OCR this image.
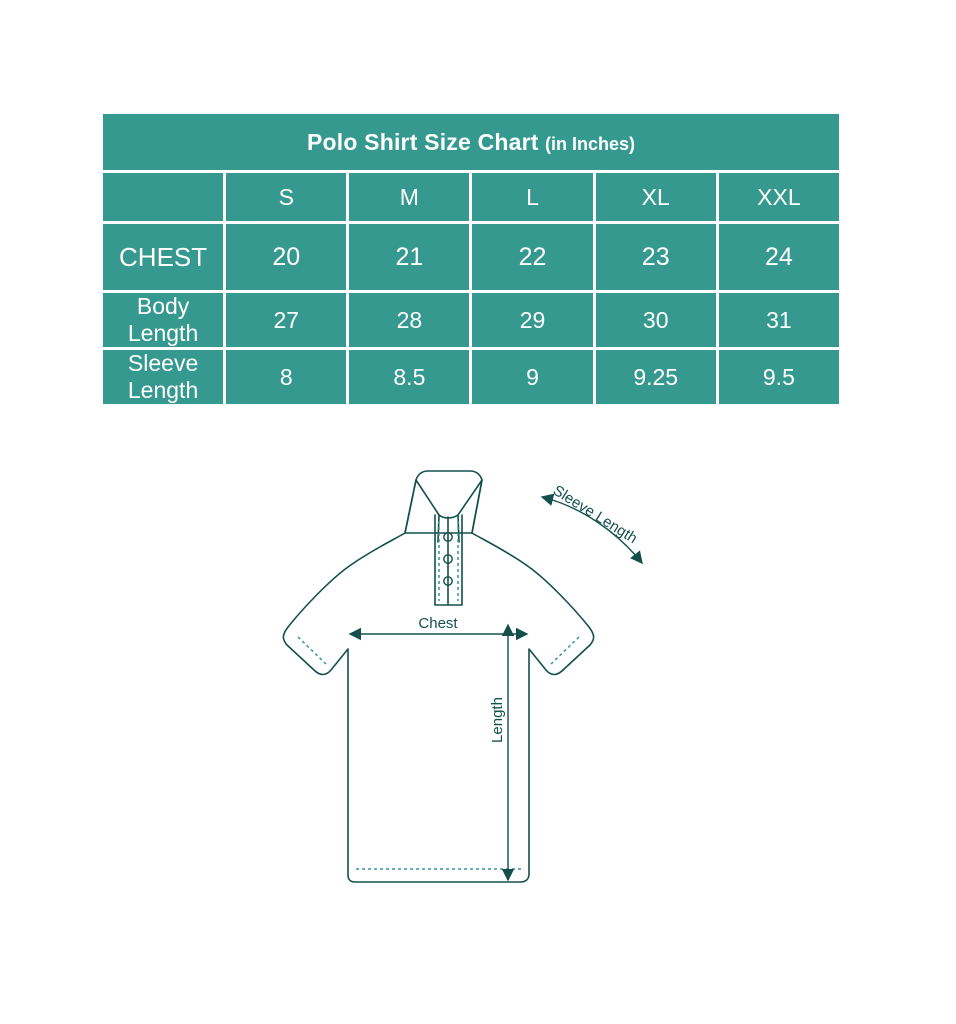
Polo Shirt Size Chart (in Inches)					
	S	M	L	XL	XXL
CHEST	20	21	22	23	24
Body Length	27	28	29	30	31
Sleeve Length	8	8.5	9	9.25	9.5
Sleeve Length
Chest
Length
